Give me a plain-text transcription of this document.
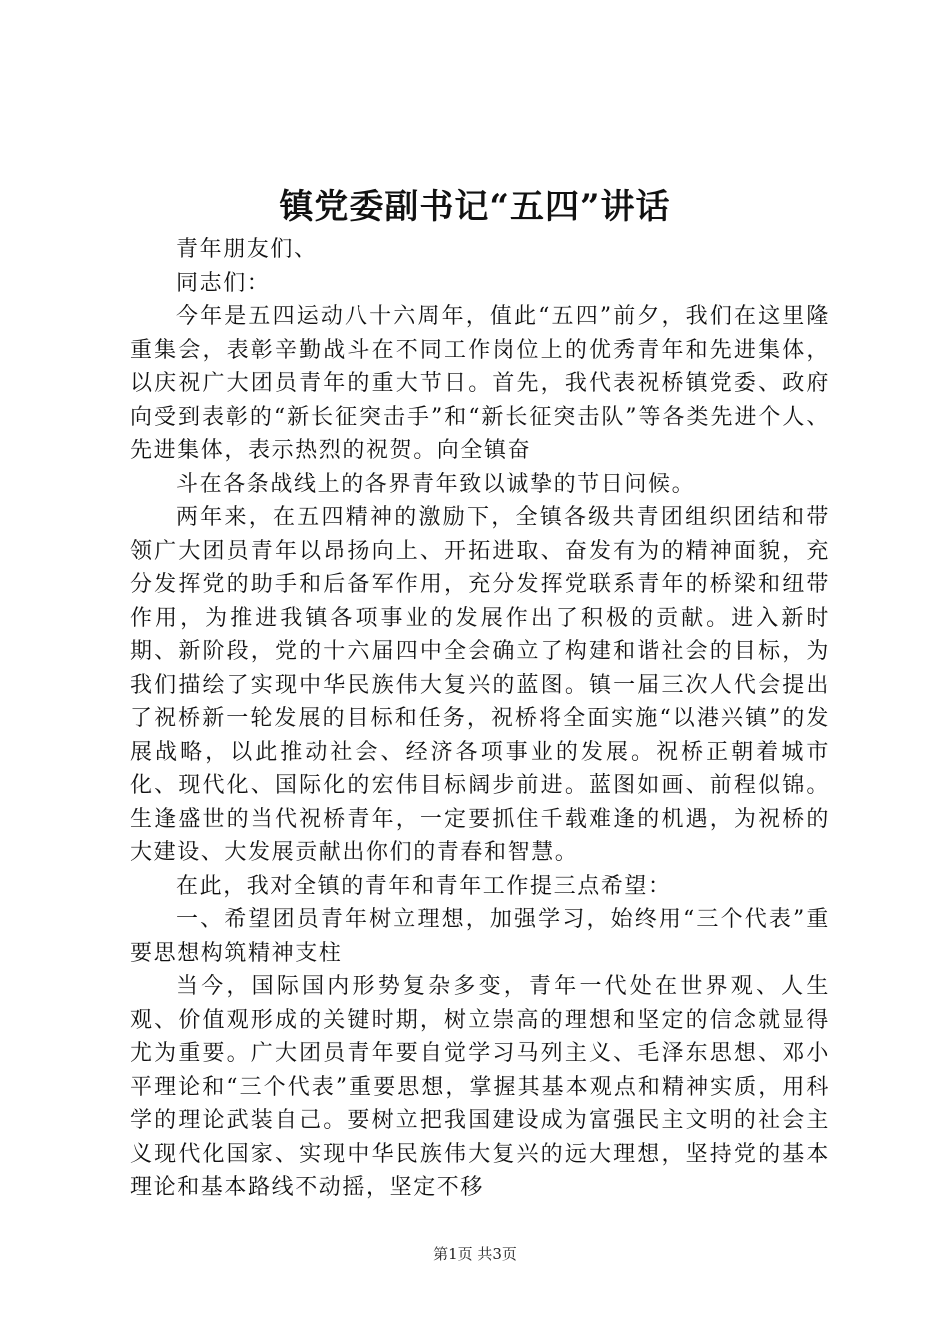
镇党委副书记“五四”讲话

青年朋友们、

同志们：

今年是五四运动八十六周年，值此“五四”前夕，我们在这里隆重集会，表彰辛勤战斗在不同工作岗位上的优秀青年和先进集体，以庆祝广大团员青年的重大节日。首先，我代表祝桥镇党委、政府向受到表彰的“新长征突击手”和“新长征突击队”等各类先进个人、先进集体，表示热烈的祝贺。向全镇奋

斗在各条战线上的各界青年致以诚挚的节日问候。

两年来，在五四精神的激励下，全镇各级共青团组织团结和带领广大团员青年以昂扬向上、开拓进取、奋发有为的精神面貌，充分发挥党的助手和后备军作用，充分发挥党联系青年的桥梁和纽带作用，为推进我镇各项事业的发展作出了积极的贡献。进入新时期、新阶段，党的十六届四中全会确立了构建和谐社会的目标，为我们描绘了实现中华民族伟大复兴的蓝图。镇一届三次人代会提出了祝桥新一轮发展的目标和任务，祝桥将全面实施“以港兴镇”的发展战略，以此推动社会、经济各项事业的发展。祝桥正朝着城市化、现代化、国际化的宏伟目标阔步前进。蓝图如画、前程似锦。生逢盛世的当代祝桥青年，一定要抓住千载难逢的机遇，为祝桥的大建设、大发展贡献出你们的青春和智慧。

在此，我对全镇的青年和青年工作提三点希望：

一、希望团员青年树立理想，加强学习，始终用“三个代表”重要思想构筑精神支柱

当今，国际国内形势复杂多变，青年一代处在世界观、人生观、价值观形成的关键时期，树立崇高的理想和坚定的信念就显得尤为重要。广大团员青年要自觉学习马列主义、毛泽东思想、邓小平理论和“三个代表”重要思想，掌握其基本观点和精神实质，用科学的理论武装自己。要树立把我国建设成为富强民主文明的社会主义现代化国家、实现中华民族伟大复兴的远大理想，坚持党的基本理论和基本路线不动摇，坚定不移

第1页 共3页
